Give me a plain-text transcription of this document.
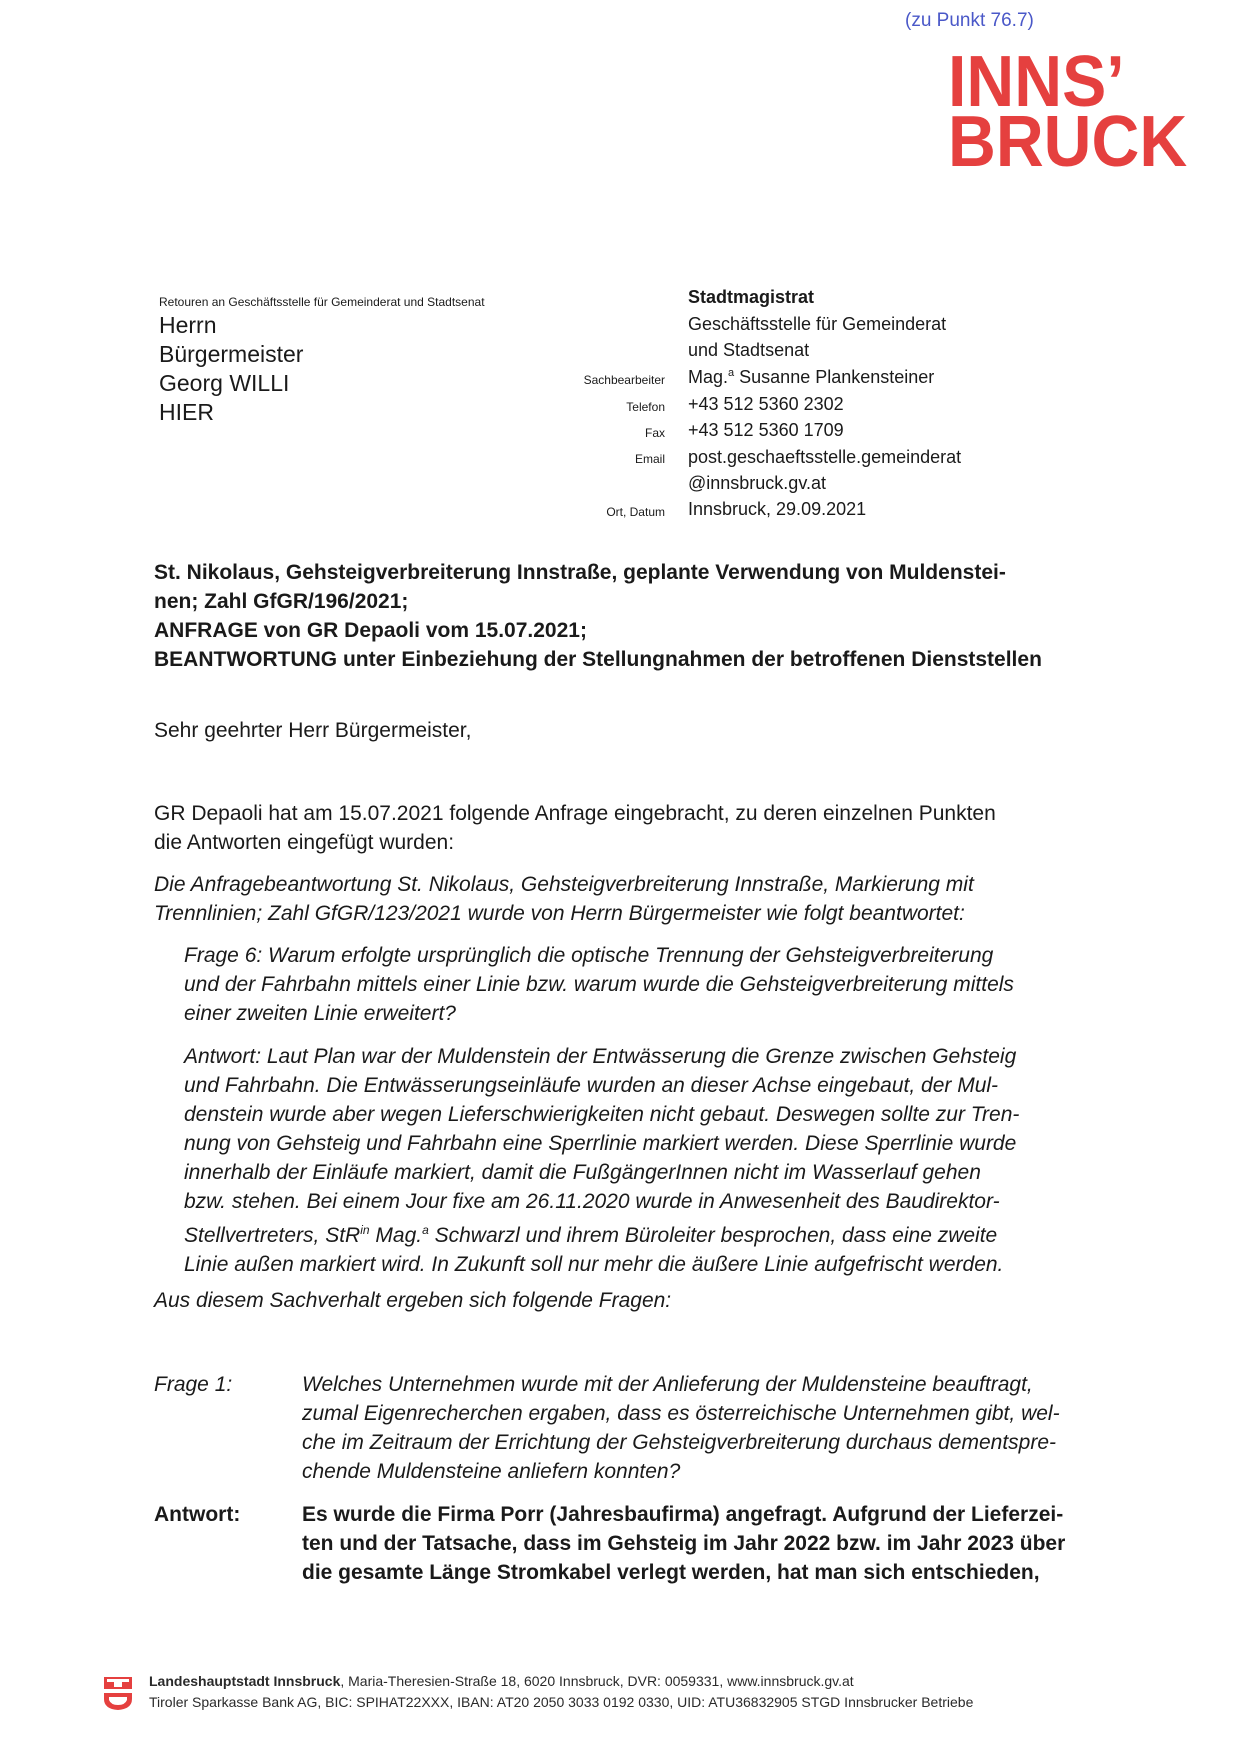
(zu Punkt 76.7)
INNS’
BRUCK
Retouren an Geschäftsstelle für Gemeinderat und Stadtsenat
Herrn
Bürgermeister
Georg WILLI
HIER
Stadtmagistrat
Geschäftsstelle für Gemeinderat
und Stadtsenat
Sachbearbeiter Mag.$^a$ Susanne Plankensteiner
Telefon +43 512 5360 2302
Fax +43 512 5360 1709
Email post.geschaeftsstelle.gemeinderat
@innsbruck.gv.at
Ort, Datum Innsbruck, 29.09.2021
St. Nikolaus, Gehsteigverbreiterung Innstraße, geplante Verwendung von Muldenstei-
nen; Zahl GfGR/196/2021;
ANFRAGE von GR Depaoli vom 15.07.2021;
BEANTWORTUNG unter Einbeziehung der Stellungnahmen der betroffenen Dienststellen
Sehr geehrter Herr Bürgermeister,
GR Depaoli hat am 15.07.2021 folgende Anfrage eingebracht, zu deren einzelnen Punkten
die Antworten eingefügt wurden:
Die Anfragebeantwortung St. Nikolaus, Gehsteigverbreiterung Innstraße, Markierung mit
Trennlinien; Zahl GfGR/123/2021 wurde von Herrn Bürgermeister wie folgt beantwortet:
Frage 6: Warum erfolgte ursprünglich die optische Trennung der Gehsteigverbreiterung
und der Fahrbahn mittels einer Linie bzw. warum wurde die Gehsteigverbreiterung mittels
einer zweiten Linie erweitert?
Antwort: Laut Plan war der Muldenstein der Entwässerung die Grenze zwischen Gehsteig
und Fahrbahn. Die Entwässerungseinläufe wurden an dieser Achse eingebaut, der Mul-
denstein wurde aber wegen Lieferschwierigkeiten nicht gebaut. Deswegen sollte zur Tren-
nung von Gehsteig und Fahrbahn eine Sperrlinie markiert werden. Diese Sperrlinie wurde
innerhalb der Einläufe markiert, damit die FußgängerInnen nicht im Wasserlauf gehen
bzw. stehen. Bei einem Jour fixe am 26.11.2020 wurde in Anwesenheit des Baudirektor-
Stellvertreters, StR$^{in}$ Mag.$^a$ Schwarzl und ihrem Büroleiter besprochen, dass eine zweite
Linie außen markiert wird. In Zukunft soll nur mehr die äußere Linie aufgefrischt werden.
Aus diesem Sachverhalt ergeben sich folgende Fragen:
Frage 1:	Welches Unternehmen wurde mit der Anlieferung der Muldensteine beauftragt,
zumal Eigenrecherchen ergaben, dass es österreichische Unternehmen gibt, wel-
che im Zeitraum der Errichtung der Gehsteigverbreiterung durchaus dementspre-
chende Muldensteine anliefern konnten?
Antwort:	Es wurde die Firma Porr (Jahresbaufirma) angefragt. Aufgrund der Lieferzei-
ten und der Tatsache, dass im Gehsteig im Jahr 2022 bzw. im Jahr 2023 über
die gesamte Länge Stromkabel verlegt werden, hat man sich entschieden,
Landeshauptstadt Innsbruck, Maria-Theresien-Straße 18, 6020 Innsbruck, DVR: 0059331, www.innsbruck.gv.at
Tiroler Sparkasse Bank AG, BIC: SPIHAT22XXX, IBAN: AT20 2050 3033 0192 0330, UID: ATU36832905 STGD Innsbrucker Betriebe
